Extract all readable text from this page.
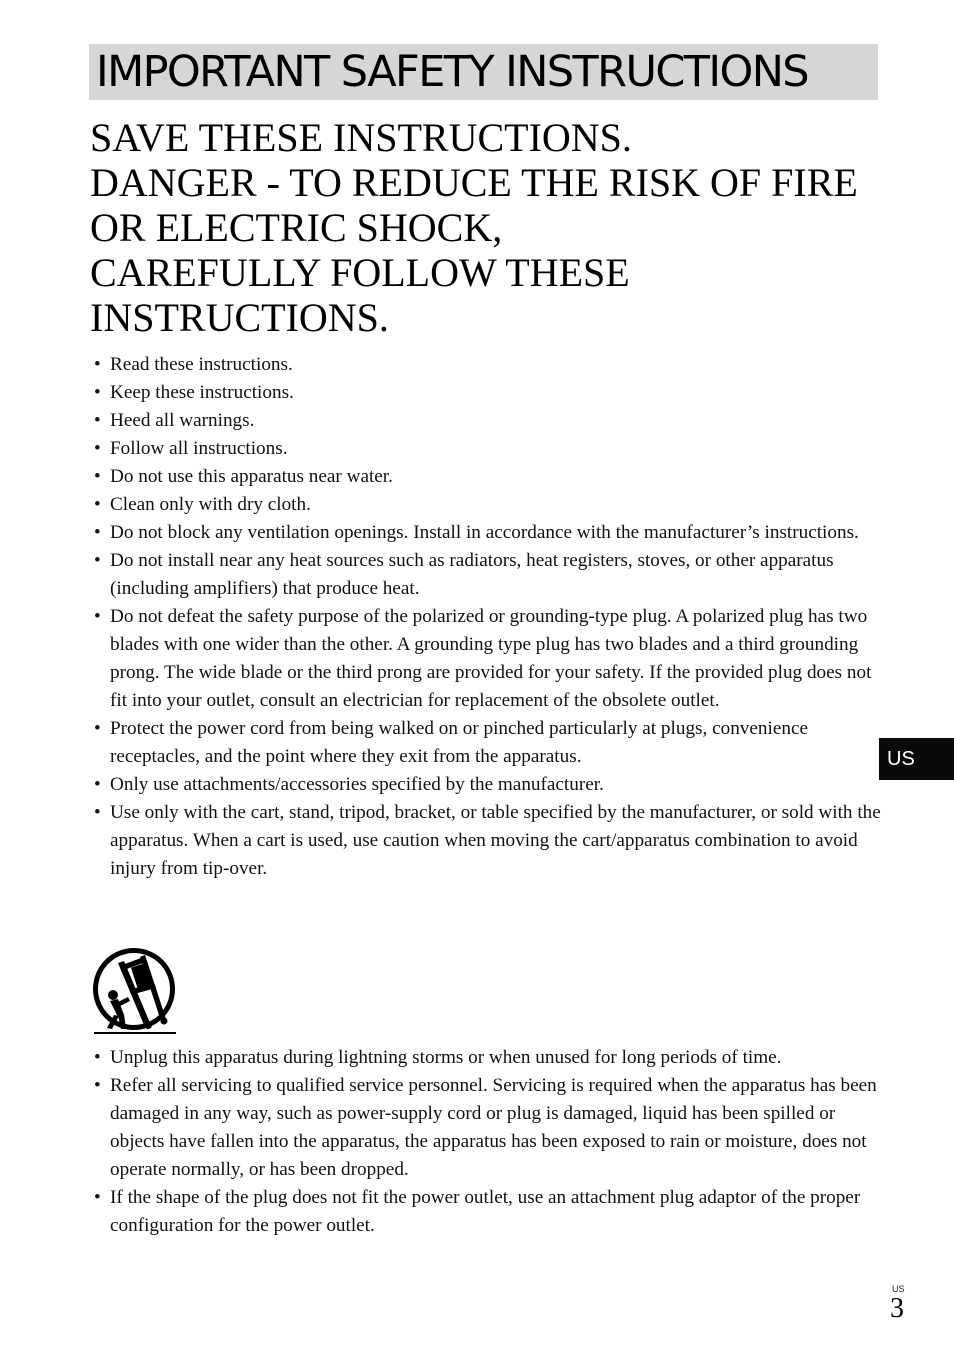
IMPORTANT SAFETY INSTRUCTIONS
SAVE THESE INSTRUCTIONS.
DANGER - TO REDUCE THE RISK OF FIRE
OR ELECTRIC SHOCK,
CAREFULLY FOLLOW THESE
INSTRUCTIONS.
• Read these instructions.
• Keep these instructions.
• Heed all warnings.
• Follow all instructions.
• Do not use this apparatus near water.
• Clean only with dry cloth.
• Do not block any ventilation openings. Install in accordance with the manufacturer’s instructions.
• Do not install near any heat sources such as radiators, heat registers, stoves, or other apparatus (including amplifiers) that produce heat.
• Do not defeat the safety purpose of the polarized or grounding-type plug. A polarized plug has two blades with one wider than the other. A grounding type plug has two blades and a third grounding prong. The wide blade or the third prong are provided for your safety. If the provided plug does not fit into your outlet, consult an electrician for replacement of the obsolete outlet.
• Protect the power cord from being walked on or pinched particularly at plugs, convenience receptacles, and the point where they exit from the apparatus.
• Only use attachments/accessories specified by the manufacturer.
• Use only with the cart, stand, tripod, bracket, or table specified by the manufacturer, or sold with the apparatus. When a cart is used, use caution when moving the cart/apparatus combination to avoid injury from tip-over.
• Unplug this apparatus during lightning storms or when unused for long periods of time.
• Refer all servicing to qualified service personnel. Servicing is required when the apparatus has been damaged in any way, such as power-supply cord or plug is damaged, liquid has been spilled or objects have fallen into the apparatus, the apparatus has been exposed to rain or moisture, does not operate normally, or has been dropped.
• If the shape of the plug does not fit the power outlet, use an attachment plug adaptor of the proper configuration for the power outlet.
US
US
3
